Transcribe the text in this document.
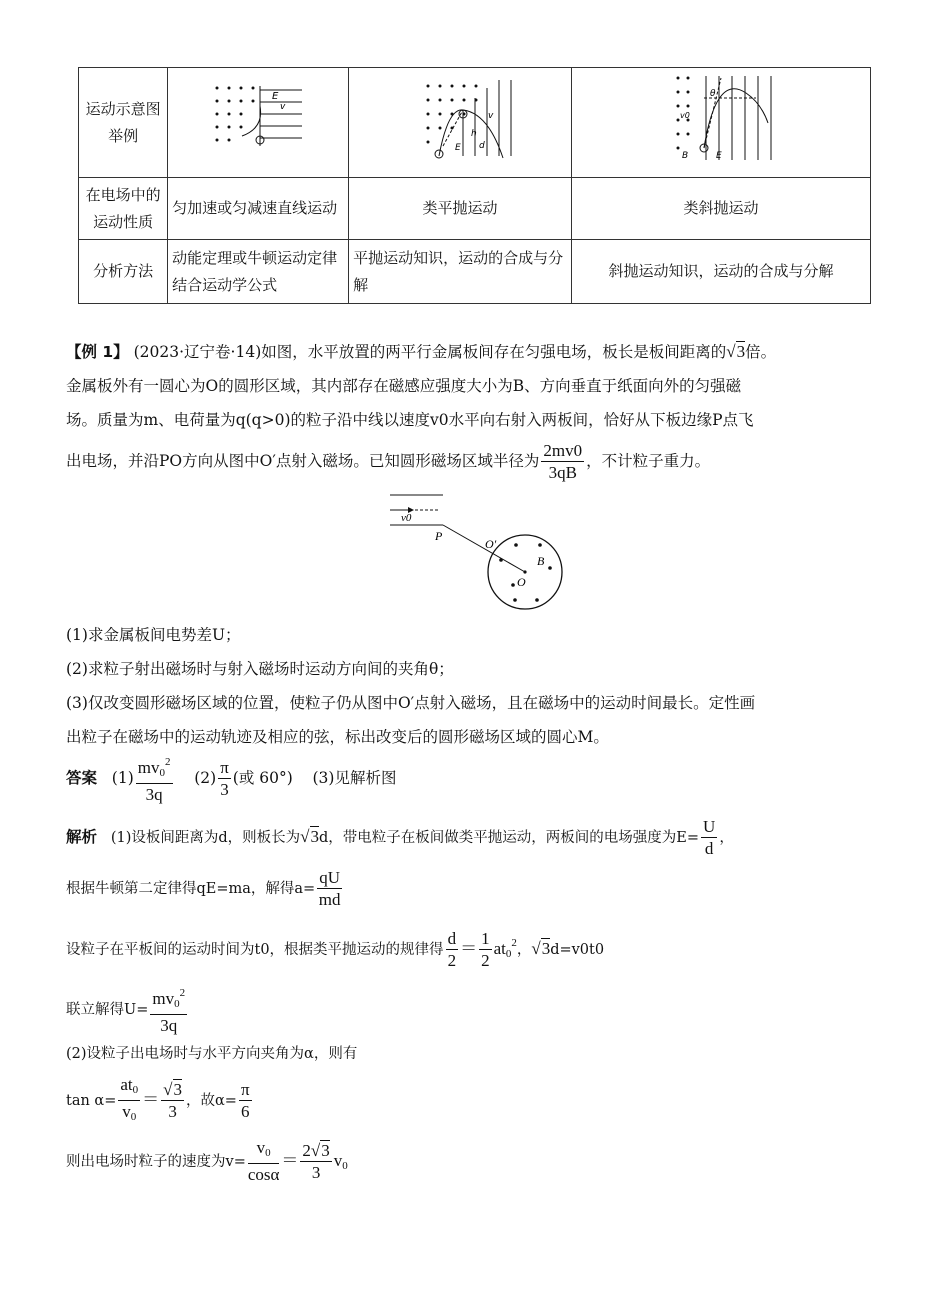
运动示意图举例	E
v	h
d
E
v	θ
v0
B E

在电场中的运动性质	匀加速或匀减速直线运动	类平抛运动	类斜抛运动
分析方法	动能定理或牛顿运动定律结合运动学公式	平抛运动知识，运动的合成与分解	斜抛运动知识，运动的合成与分解
【例 1】 (2023·辽宁卷·14)如图，水平放置的两平行金属板间存在匀强电场，板长是板间距离的√3倍。
金属板外有一圆心为O的圆形区域，其内部存在磁感应强度大小为B、方向垂直于纸面向外的匀强磁
场。质量为m、电荷量为q(q>0)的粒子沿中线以速度v0水平向右射入两板间，恰好从下板边缘P点飞
出电场，并沿PO方向从图中O′点射入磁场。已知圆形磁场区域半径为 $\frac{2mv0}{3qB}$ ，不计粒子重力。
v0
P
O′
B
O
(1)求金属板间电势差U；
(2)求粒子射出磁场时与射入磁场时运动方向间的夹角θ；
(3)仅改变圆形磁场区域的位置，使粒子仍从图中O′点射入磁场，且在磁场中的运动时间最长。定性画
出粒子在磁场中的运动轨迹及相应的弦，标出改变后的圆形磁场区域的圆心M。
答案 $(1) \frac{mv_0^2}{3q} (2) \frac{\pi}{3}$ (或 60°) (3)见解析图
解析 (1)设板间距离为d，则板长为√3d，带电粒子在板间做类平抛运动，两板间的电场强度为$E= \frac{U}{d}$ ，
根据牛顿第二定律得qE=ma，解得$a= \frac{qU}{md}$
设粒子在平板间的运动时间为t0，根据类平抛运动的规律得 $\frac{d}{2} = \frac{1}{2} at_0^2$，√3d=v0t0
联立解得$U= \frac{mv_0^2}{3q}$
(2)设粒子出电场时与水平方向夹角为α，则有
$\tan \alpha= \frac{at_0}{v_0} = \frac{√3}{3}$ ，故$\alpha= \frac{\pi}{6}$
则出电场时粒子的速度为$v= \frac{v_0}{\cos\alpha} = \frac{2√3}{3} v_0$
